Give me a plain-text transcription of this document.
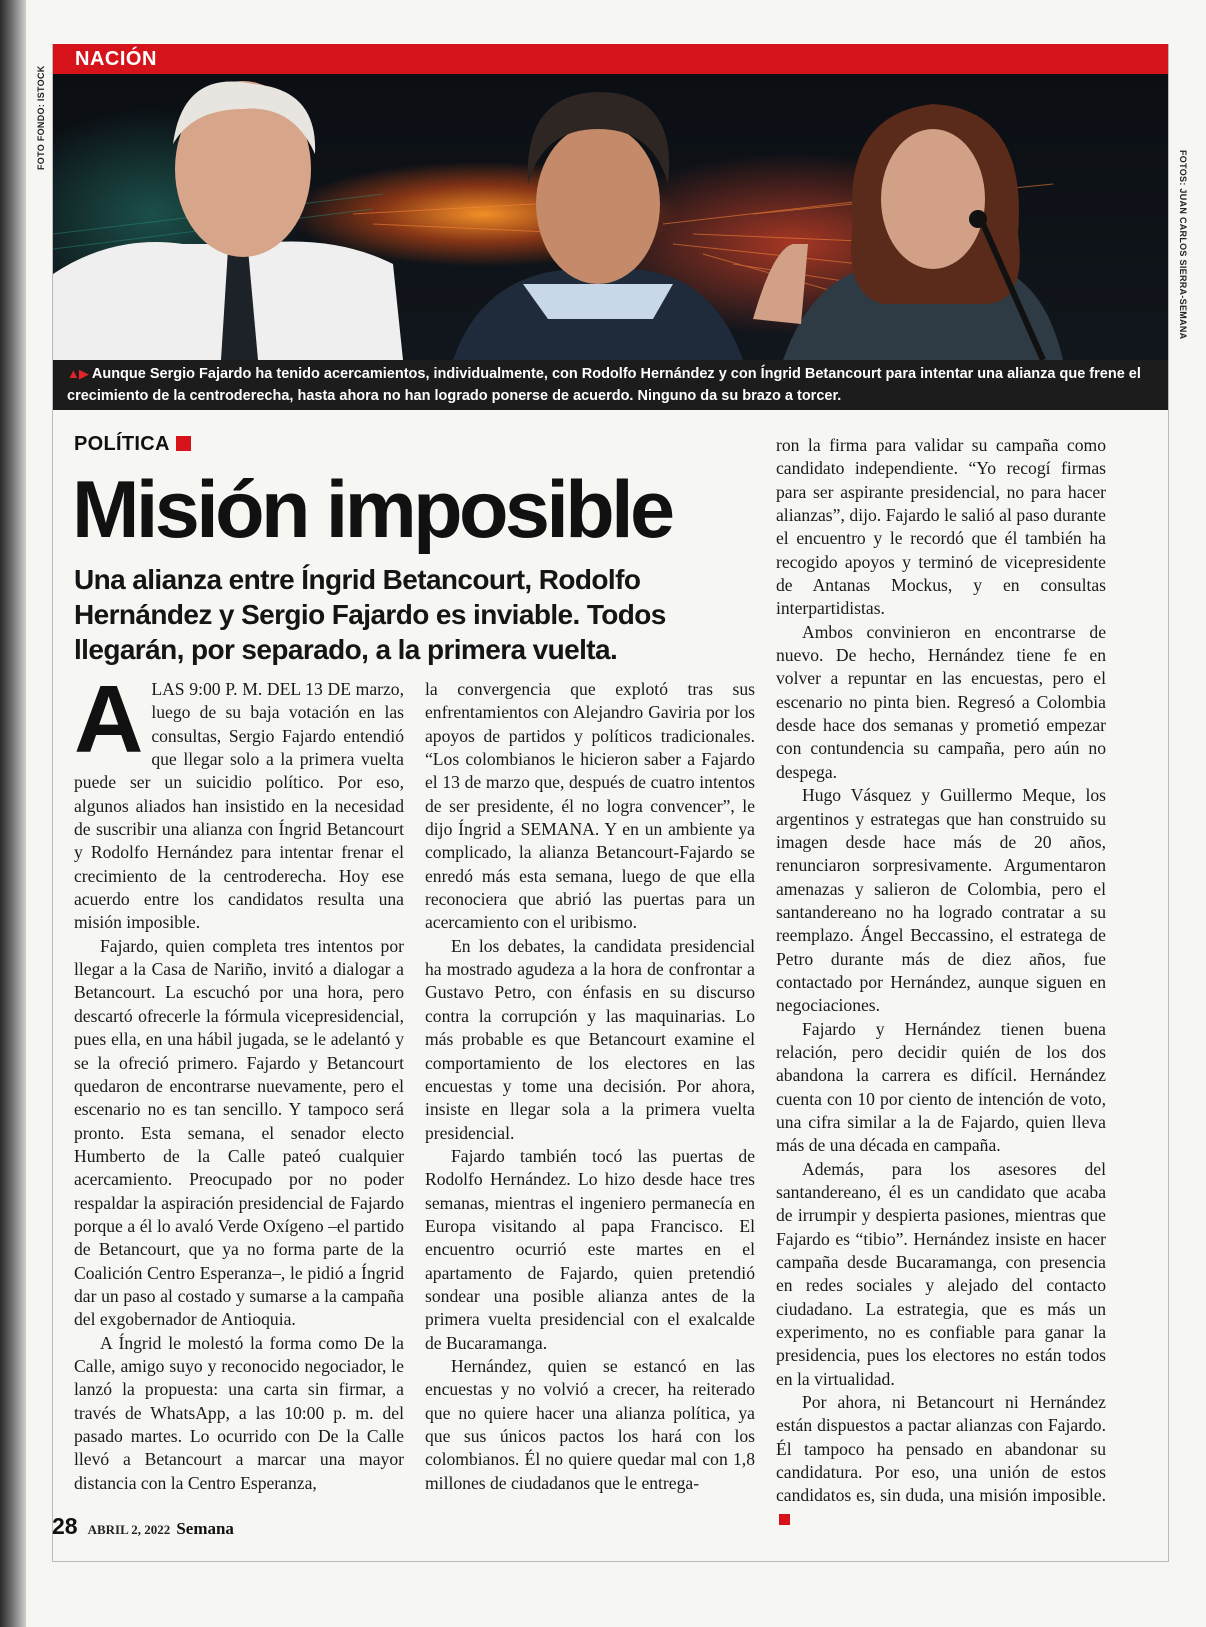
FOTO FONDO: ISTOCK
FOTOS: JUAN CARLOS SIERRA-SEMANA
NACIÓN
▲▶ Aunque Sergio Fajardo ha tenido acercamientos, individualmente, con Rodolfo Hernández y con Íngrid Betancourt para intentar una alianza que frene el crecimiento de la centroderecha, hasta ahora no han logrado ponerse de acuerdo. Ninguno da su brazo a torcer.
POLÍTICA
Misión imposible
Una alianza entre Íngrid Betancourt, Rodolfo Hernández y Sergio Fajardo es inviable. Todos llegarán, por separado, a la primera vuelta.

ALAS 9:00 P. M. DEL 13 DE marzo, luego de su baja votación en las consultas, Sergio Fajardo entendió que llegar solo a la primera vuelta puede ser un suicidio político. Por eso, algunos aliados han insistido en la necesidad de suscribir una alianza con Íngrid Betancourt y Rodolfo Hernández para intentar frenar el crecimiento de la centroderecha. Hoy ese acuerdo entre los candidatos resulta una misión imposible.

Fajardo, quien completa tres intentos por llegar a la Casa de Nariño, invitó a dialogar a Betancourt. La escuchó por una hora, pero descartó ofrecerle la fórmula vicepresidencial, pues ella, en una hábil jugada, se le adelantó y se la ofreció primero. Fajardo y Betancourt quedaron de encontrarse nuevamente, pero el escenario no es tan sencillo. Y tampoco será pronto. Esta semana, el senador electo Humberto de la Calle pateó cualquier acercamiento. Preocupado por no poder respaldar la aspiración presidencial de Fajardo porque a él lo avaló Verde Oxígeno –el partido de Betancourt, que ya no forma parte de la Coalición Centro Esperanza–, le pidió a Íngrid dar un paso al costado y sumarse a la campaña del exgobernador de Antioquia.

A Íngrid le molestó la forma como De la Calle, amigo suyo y reconocido negociador, le lanzó la propuesta: una carta sin firmar, a través de WhatsApp, a las 10:00 p. m. del pasado martes. Lo ocurrido con De la Calle llevó a Betancourt a marcar una mayor distancia con la Centro Esperanza,

la convergencia que explotó tras sus enfrentamientos con Alejandro Gaviria por los apoyos de partidos y políticos tradicionales. “Los colombianos le hicieron saber a Fajardo el 13 de marzo que, después de cuatro intentos de ser presidente, él no logra convencer”, le dijo Íngrid a SEMANA. Y en un ambiente ya complicado, la alianza Betancourt-Fajardo se enredó más esta semana, luego de que ella reconociera que abrió las puertas para un acercamiento con el uribismo.

En los debates, la candidata presidencial ha mostrado agudeza a la hora de confrontar a Gustavo Petro, con énfasis en su discurso contra la corrupción y las maquinarias. Lo más probable es que Betancourt examine el comportamiento de los electores en las encuestas y tome una decisión. Por ahora, insiste en llegar sola a la primera vuelta presidencial.

Fajardo también tocó las puertas de Rodolfo Hernández. Lo hizo desde hace tres semanas, mientras el ingeniero permanecía en Europa visitando al papa Francisco. El encuentro ocurrió este martes en el apartamento de Fajardo, quien pretendió sondear una posible alianza antes de la primera vuelta presidencial con el exalcalde de Bucaramanga.

Hernández, quien se estancó en las encuestas y no volvió a crecer, ha reiterado que no quiere hacer una alianza política, ya que sus únicos pactos los hará con los colombianos. Él no quiere quedar mal con 1,8 millones de ciudadanos que le entrega-

ron la firma para validar su campaña como candidato independiente. “Yo recogí firmas para ser aspirante presidencial, no para hacer alianzas”, dijo. Fajardo le salió al paso durante el encuentro y le recordó que él también ha recogido apoyos y terminó de vicepresidente de Antanas Mockus, y en consultas interpartidistas.

Ambos convinieron en encontrarse de nuevo. De hecho, Hernández tiene fe en volver a repuntar en las encuestas, pero el escenario no pinta bien. Regresó a Colombia desde hace dos semanas y prometió empezar con contundencia su campaña, pero aún no despega.

Hugo Vásquez y Guillermo Meque, los argentinos y estrategas que han construido su imagen desde hace más de 20 años, renunciaron sorpresivamente. Argumentaron amenazas y salieron de Colombia, pero el santandereano no ha logrado contratar a su reemplazo. Ángel Beccassino, el estratega de Petro durante más de diez años, fue contactado por Hernández, aunque siguen en negociaciones.

Fajardo y Hernández tienen buena relación, pero decidir quién de los dos abandona la carrera es difícil. Hernández cuenta con 10 por ciento de intención de voto, una cifra similar a la de Fajardo, quien lleva más de una década en campaña.

Además, para los asesores del santandereano, él es un candidato que acaba de irrumpir y despierta pasiones, mientras que Fajardo es “tibio”. Hernández insiste en hacer campaña desde Bucaramanga, con presencia en redes sociales y alejado del contacto ciudadano. La estrategia, que es más un experimento, no es confiable para ganar la presidencia, pues los electores no están todos en la virtualidad.

Por ahora, ni Betancourt ni Hernández están dispuestos a pactar alianzas con Fajardo. Él tampoco ha pensado en abandonar su candidatura. Por eso, una unión de estos candidatos es, sin duda, una misión imposible.

28 ABRIL 2, 2022 Semana
